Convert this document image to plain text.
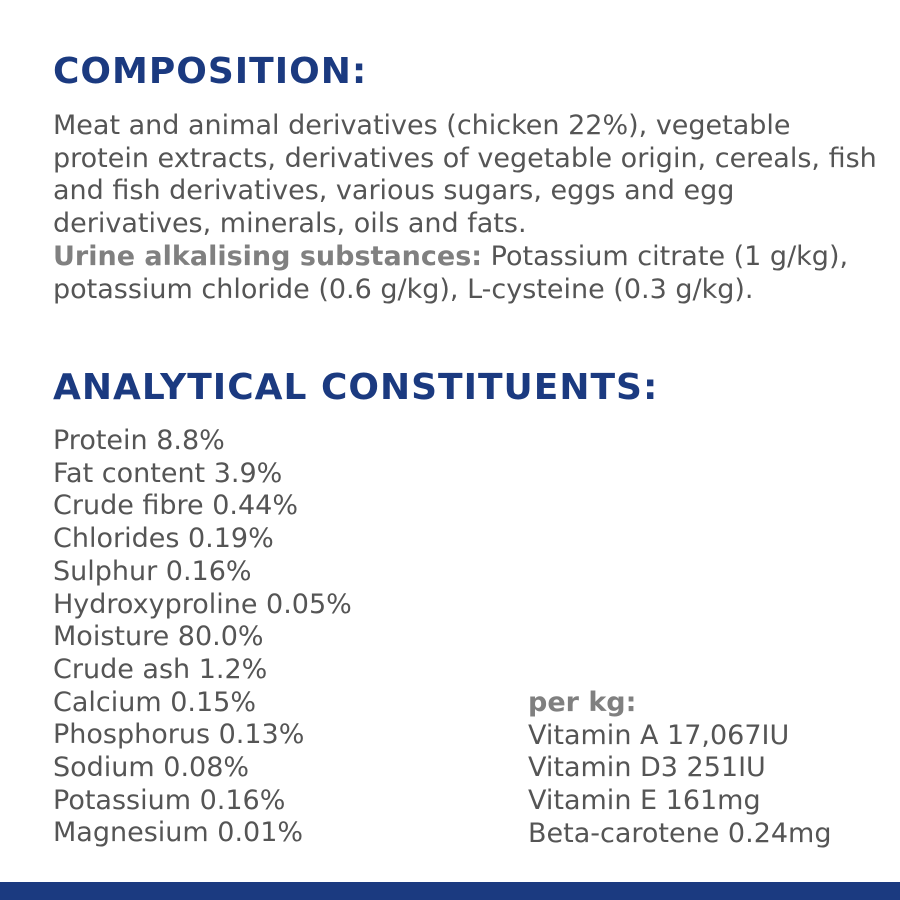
COMPOSITION:

Meat and animal derivatives (chicken 22%), vegetable protein extracts, derivatives of vegetable origin, cereals, fish and fish derivatives, various sugars, eggs and egg derivatives, minerals, oils and fats.

Urine alkalising substances: Potassium citrate (1 g/kg), potassium chloride (0.6 g/kg), L-cysteine (0.3 g/kg).

ANALYTICAL CONSTITUENTS:
Protein 8.8%
Fat content 3.9%
Crude fibre 0.44%
Chlorides 0.19%
Sulphur 0.16%
Hydroxyproline 0.05%
Moisture 80.0%
Crude ash 1.2%
Calcium 0.15%
Phosphorus 0.13%
Sodium 0.08%
Potassium 0.16%
Magnesium 0.01%
per kg:
Vitamin A 17,067IU
Vitamin D3 251IU
Vitamin E 161mg
Beta-carotene 0.24mg
